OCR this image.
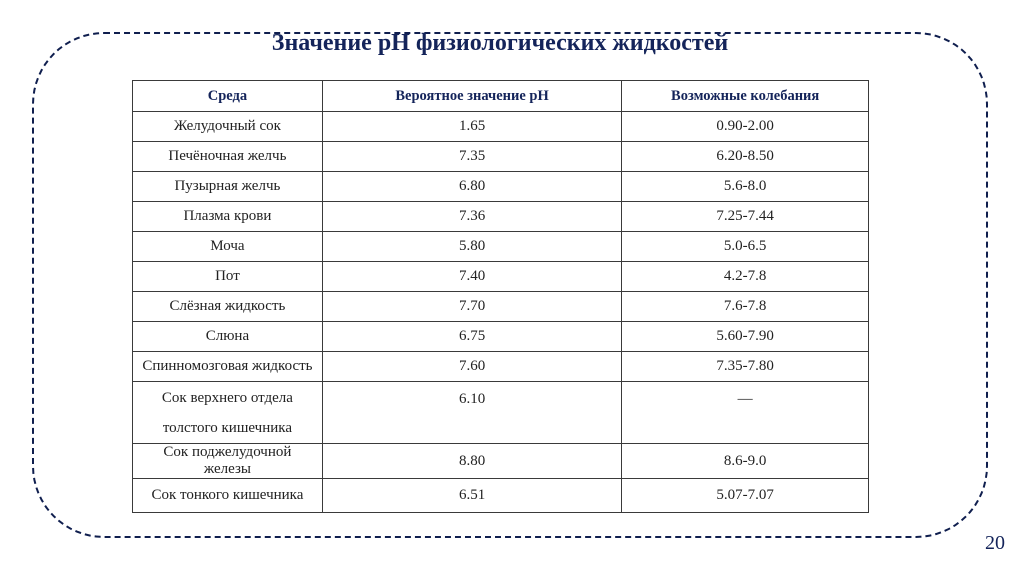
Значение pH физиологических жидкостей
Среда	Вероятное значение pH	Возможные колебания
Желудочный сок	1.65	0.90-2.00
Печёночная желчь	7.35	6.20-8.50
Пузырная желчь	6.80	5.6-8.0
Плазма крови	7.36	7.25-7.44
Моча	5.80	5.0-6.5
Пот	7.40	4.2-7.8
Слёзная жидкость	7.70	7.6-7.8
Слюна	6.75	5.60-7.90
Спинномозговая жидкость	7.60	7.35-7.80
Сок верхнего отдела толстого кишечника	6.10	—
Сок поджелудочной железы	8.80	8.6-9.0
Сок тонкого кишечника	6.51	5.07-7.07
20
